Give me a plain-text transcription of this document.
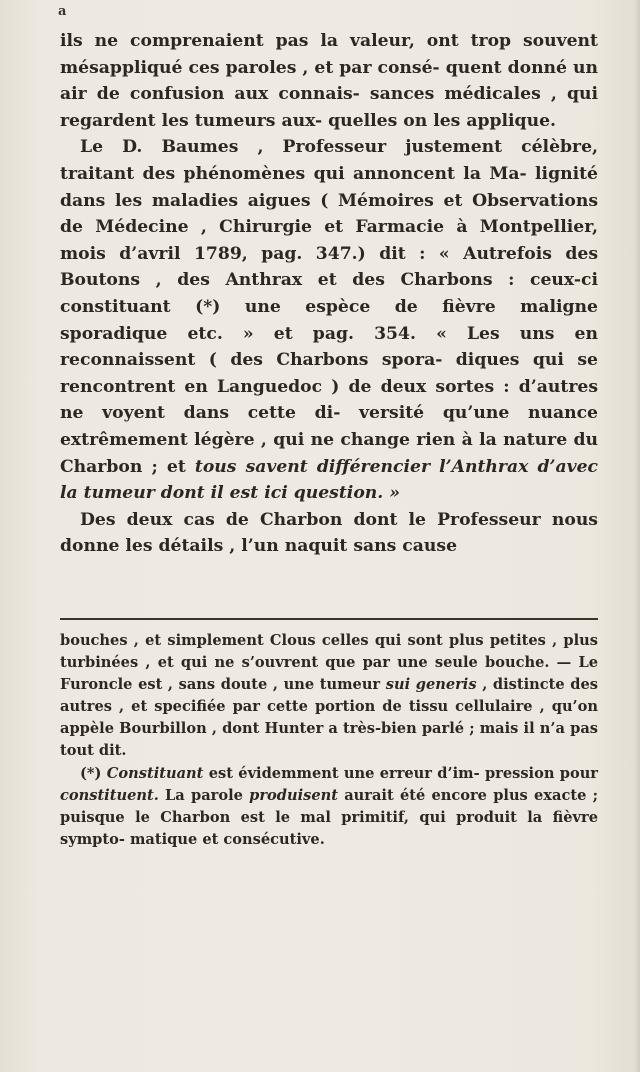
a

ils ne comprenaient pas la valeur, ont trop souvent mésappliqué ces paroles , et par consé- quent donné un air de confusion aux connais- sances médicales , qui regardent les tumeurs aux- quelles on les applique.

Le D. Baumes , Professeur justement célèbre, traitant des phénomènes qui annoncent la Ma- lignité dans les maladies aigues ( Mémoires et Observations de Médecine , Chirurgie et Farmacie à Montpellier, mois d’avril 1789, pag. 347.) dit : « Autrefois des Boutons , des Anthrax et des Charbons : ceux-ci constituant (*) une espèce de fièvre maligne sporadique etc. » et pag. 354. « Les uns en reconnaissent ( des Charbons spora- diques qui se rencontrent en Languedoc ) de deux sortes : d’autres ne voyent dans cette di- versité qu’une nuance extrêmement légère , qui ne change rien à la nature du Charbon ; et tous savent différencier l’Anthrax d’avec la tumeur dont il est ici question. »

Des deux cas de Charbon dont le Professeur nous donne les détails , l’un naquit sans cause

bouches , et simplement Clous celles qui sont plus petites , plus turbinées , et qui ne s’ouvrent que par une seule bouche. — Le Furoncle est , sans doute , une tumeur sui generis , distincte des autres , et specifiée par cette portion de tissu cellulaire , qu’on appèle Bourbillon , dont Hunter a très-bien parlé ; mais il n’a pas tout dit.

(*) Constituant est évidemment une erreur d’im- pression pour constituent. La parole produisent aurait été encore plus exacte ; puisque le Charbon est le mal primitif, qui produit la fièvre sympto- matique et consécutive.
